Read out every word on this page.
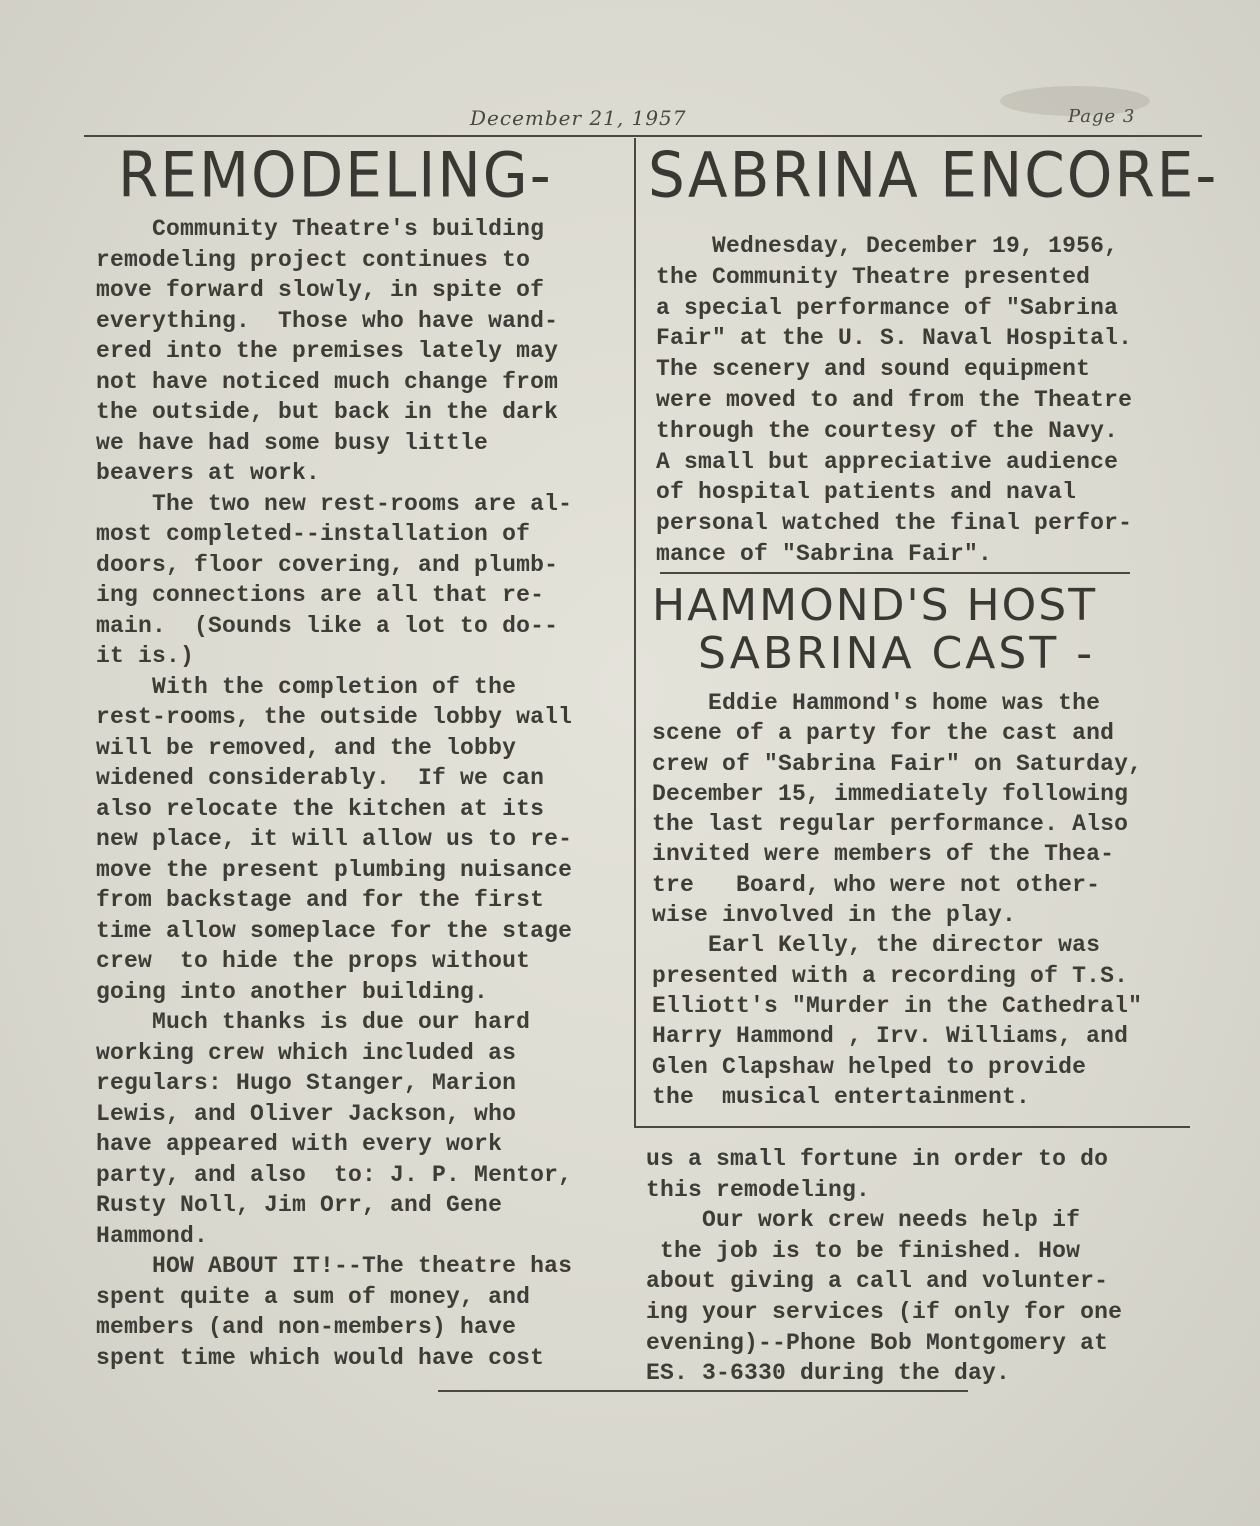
December 21, 1957	Page 3
REMODELING- SABRINA ENCORE-
HAMMOND'S HOST
SABRINA CAST -
Community Theatre's building
remodeling project continues to
move forward slowly, in spite of
everything.  Those who have wand-
ered into the premises lately may
not have noticed much change from
the outside, but back in the dark
we have had some busy little
beavers at work.
The two new rest-rooms are al-
most completed--installation of
doors, floor covering, and plumb-
ing connections are all that re-
main.  (Sounds like a lot to do--
it is.)
With the completion of the
rest-rooms, the outside lobby wall
will be removed, and the lobby
widened considerably.  If we can
also relocate the kitchen at its
new place, it will allow us to re-
move the present plumbing nuisance
from backstage and for the first
time allow someplace for the stage
crew  to hide the props without
going into another building.
Much thanks is due our hard
working crew which included as
regulars: Hugo Stanger, Marion
Lewis, and Oliver Jackson, who
have appeared with every work
party, and also  to: J. P. Mentor,
Rusty Noll, Jim Orr, and Gene
Hammond.
HOW ABOUT IT!--The theatre has
spent quite a sum of money, and
members (and non-members) have
spent time which would have cost
Wednesday, December 19, 1956,
the Community Theatre presented
a special performance of "Sabrina
Fair" at the U. S. Naval Hospital.
The scenery and sound equipment
were moved to and from the Theatre
through the courtesy of the Navy.
A small but appreciative audience
of hospital patients and naval
personal watched the final perfor-
mance of "Sabrina Fair".
Eddie Hammond's home was the
scene of a party for the cast and
crew of "Sabrina Fair" on Saturday,
December 15, immediately following
the last regular performance. Also
invited were members of the Thea-
tre   Board, who were not other-
wise involved in the play.
Earl Kelly, the director was
presented with a recording of T.S.
Elliott's "Murder in the Cathedral"
Harry Hammond , Irv. Williams, and
Glen Clapshaw helped to provide
the  musical entertainment.
us a small fortune in order to do
this remodeling.
Our work crew needs help if
the job is to be finished. How
about giving a call and volunter-
ing your services (if only for one
evening)--Phone Bob Montgomery at
ES. 3-6330 during the day.
